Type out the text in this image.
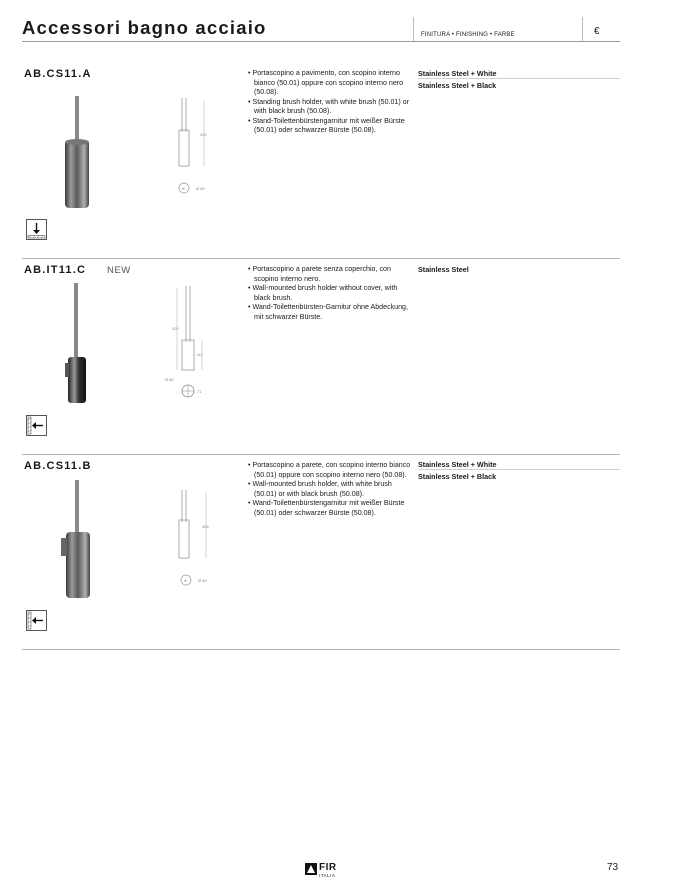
Accessori bagno acciaio	FINITURA • FINISHING • FARBE	€
AB.CS11.A
430
⊕	Ø 80
• Portascopino a pavimento, con scopino interno bianco (50.01) oppure con scopino interno nero (50.08).
• Standing brush holder, with white brush (50.01) or with black brush (50.08).
• Stand-Toilettenbürstengarnitur mit weißer Bürste (50.01) oder schwarzer Bürste (50.08).
Stainless Steel + White
Stainless Steel + Black
AB.IT11.C NEW
420
142
Ø 80
71
• Portascopino a parete senza coperchio, con scopino interno nero.
• Wall-mounted brush holder without cover, with black brush.
• Wand-Toilettenbürsten-Garnitur ohne Abdeckung, mit schwarzer Bürste.
Stainless Steel
AB.CS11.B
406
⊕	Ø 80
• Portascopino a parete, con scopino interno bianco (50.01) oppure con scopino interno nero (50.08).
• Wall-mounted brush holder, with white brush (50.01) or with black brush (50.08).
• Wand-Toilettenbürstengarnitur mit weißer Bürste (50.01) oder schwarzer Bürste (50.08).
Stainless Steel + White
Stainless Steel + Black
FIR
ITALIA
73
